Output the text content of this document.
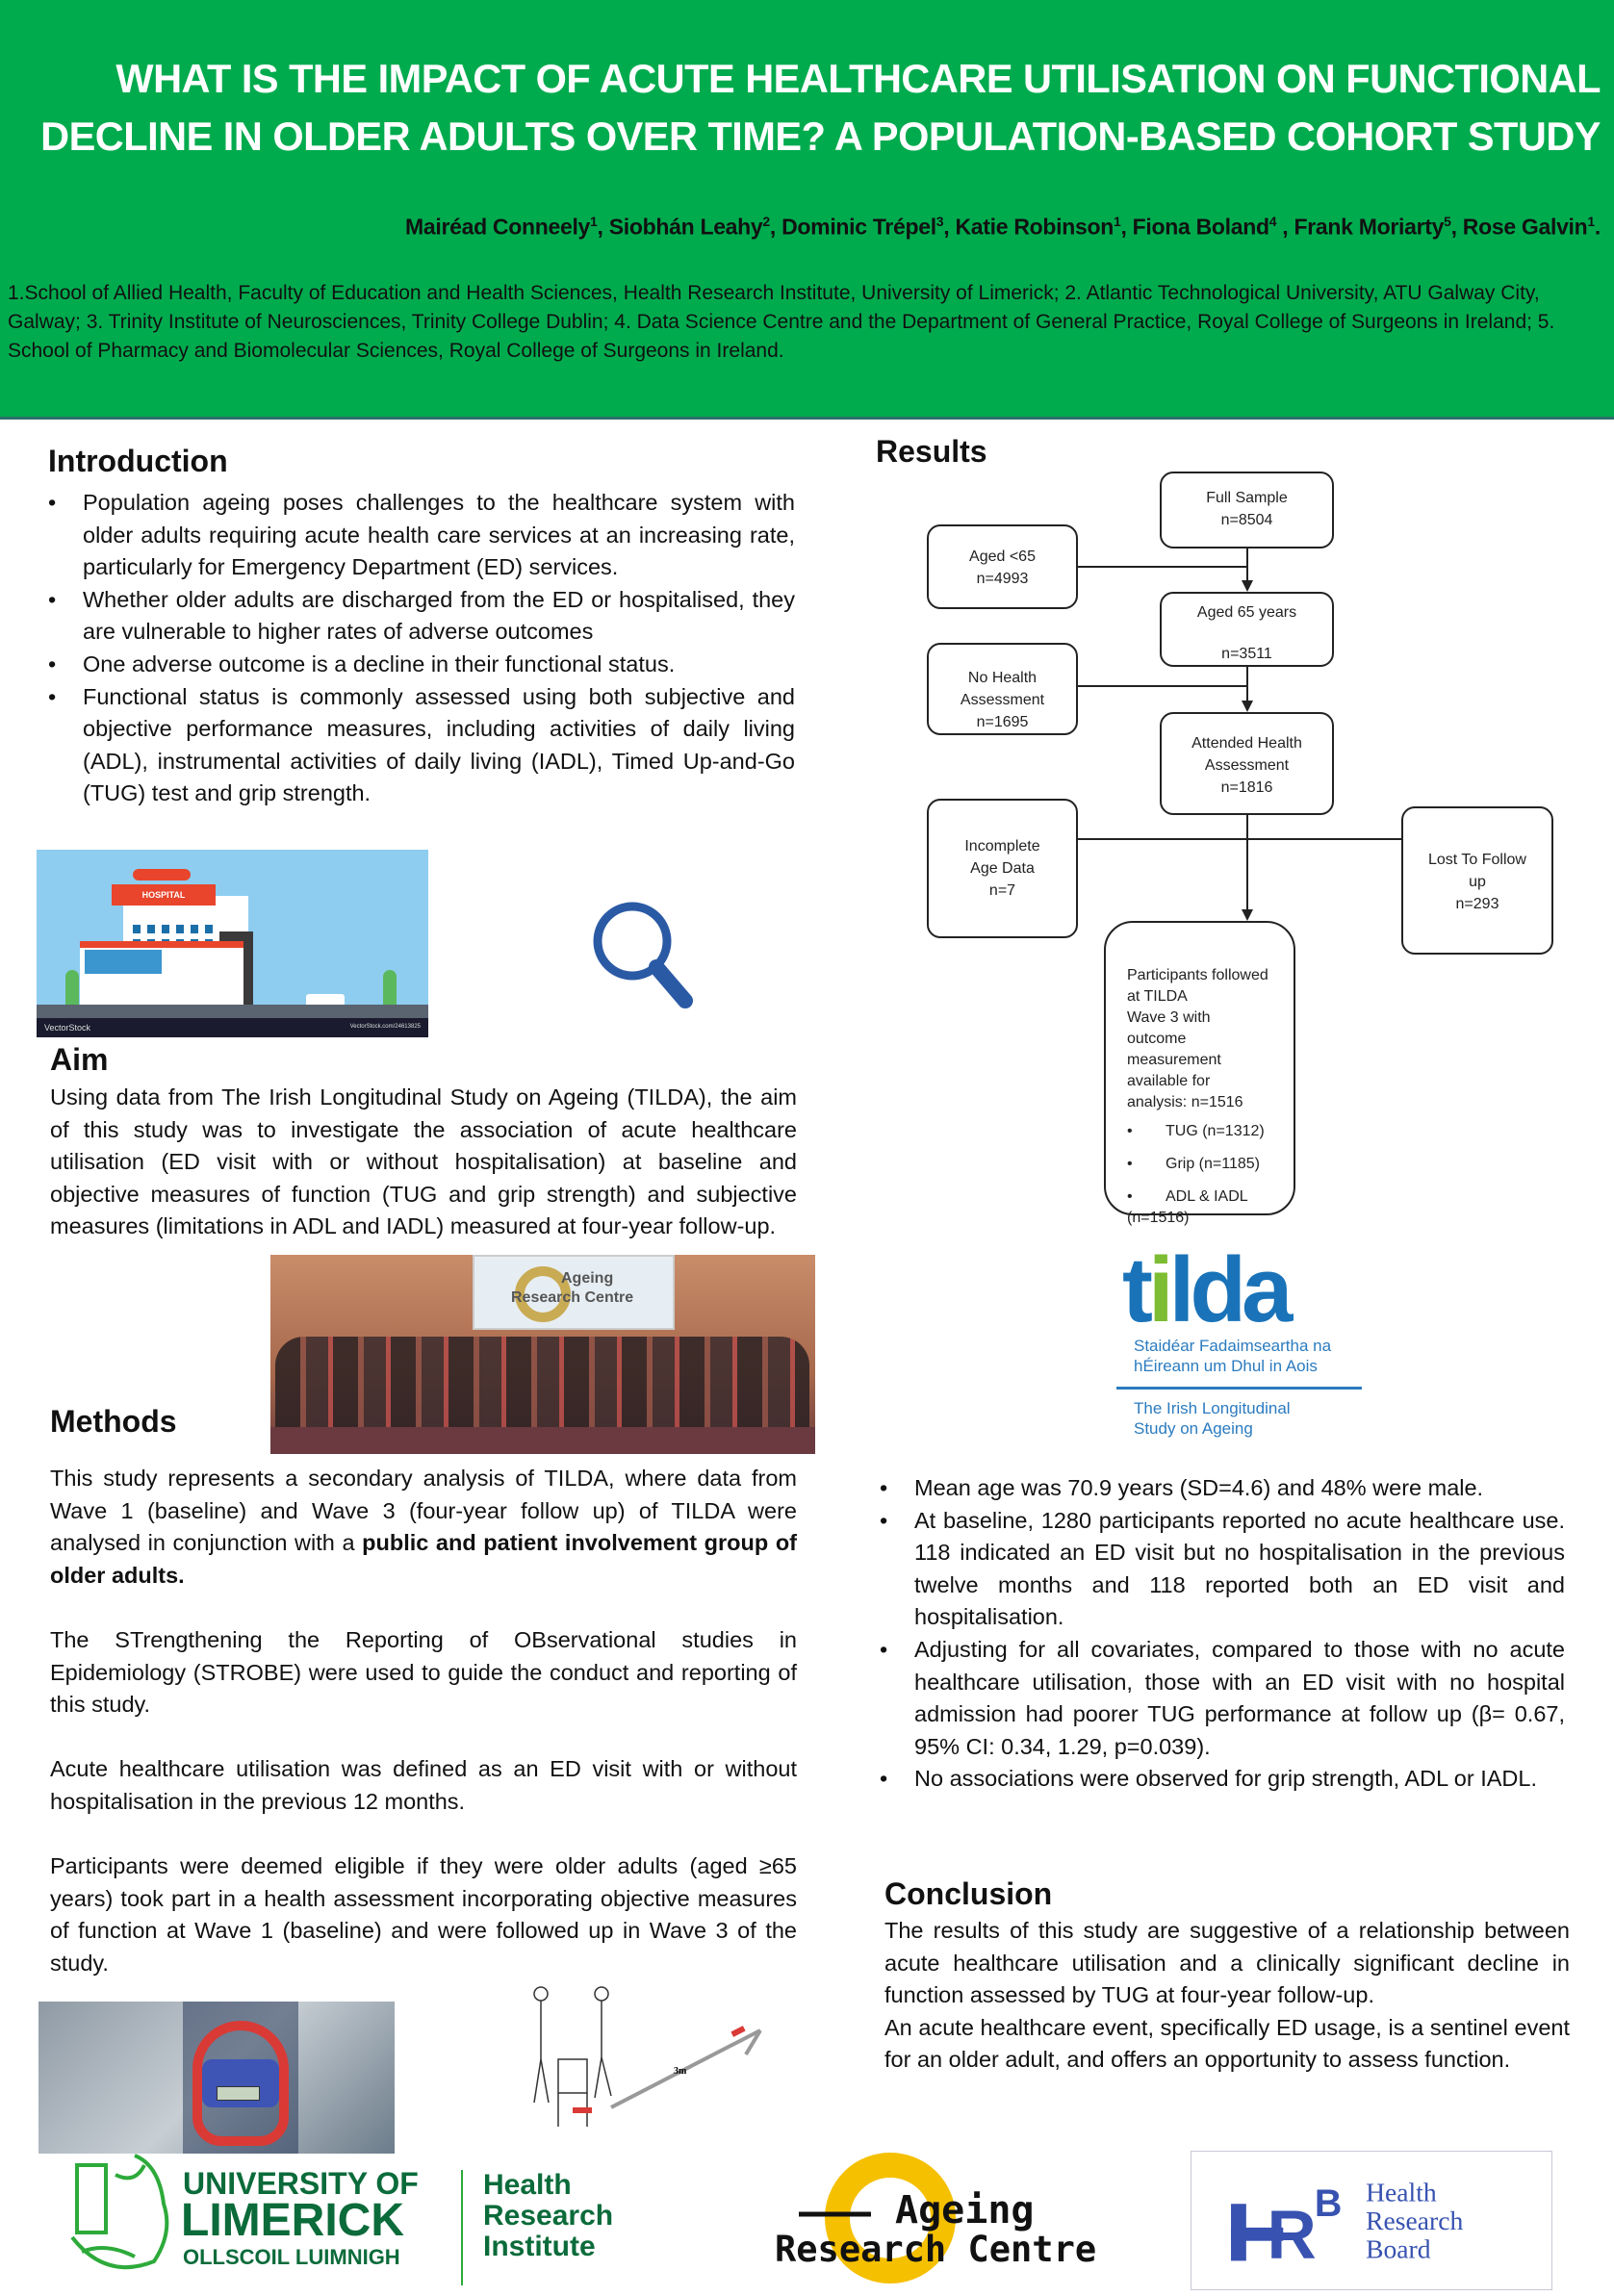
WHAT IS THE IMPACT OF ACUTE HEALTHCARE UTILISATION ON FUNCTIONAL
DECLINE IN OLDER ADULTS OVER TIME? A POPULATION-BASED COHORT STUDY
Mairéad Conneely$^1$, Siobhán Leahy$^2$, Dominic Trépel$^3$, Katie Robinson$^1$, Fiona Boland$^4$ , Frank Moriarty$^5$, Rose Galvin$^1$.
1.School of Allied Health, Faculty of Education and Health Sciences, Health Research Institute, University of Limerick; 2. Atlantic Technological University, ATU Galway City, Galway; 3. Trinity Institute of Neurosciences, Trinity College Dublin; 4. Data Science Centre and the Department of General Practice, Royal College of Surgeons in Ireland; 5. School of Pharmacy and Biomolecular Sciences, Royal College of Surgeons in Ireland.
Introduction
• Population ageing poses challenges to the healthcare system with older adults requiring acute health care services at an increasing rate, particularly for Emergency Department (ED) services.
• Whether older adults are discharged from the ED or hospitalised, they are vulnerable to higher rates of adverse outcomes
• One adverse outcome is a decline in their functional status.
• Functional status is commonly assessed using both subjective and objective performance measures, including activities of daily living (ADL), instrumental activities of daily living (IADL), Timed Up-and-Go (TUG) test and grip strength.
HOSPITAL
VectorStock	VectorStock.com/24613825
Aim
Using data from The Irish Longitudinal Study on Ageing (TILDA), the aim of this study was to investigate the association of acute healthcare utilisation (ED visit with or without hospitalisation) at baseline and objective measures of function (TUG and grip strength) and subjective measures (limitations in ADL and IADL) measured at four-year follow-up.
Ageing
Research Centre
Methods

This study represents a secondary analysis of TILDA, where data from Wave 1 (baseline) and Wave 3 (four-year follow up) of TILDA were analysed in conjunction with a public and patient involvement group of older adults.

The STrengthening the Reporting of OBservational studies in Epidemiology (STROBE) were used to guide the conduct and reporting of this study.

Acute healthcare utilisation was defined as an ED visit with or without hospitalisation in the previous 12 months.

Participants were deemed eligible if they were older adults (aged ≥65 years) took part in a health assessment incorporating objective measures of function at Wave 1 (baseline) and were followed up in Wave 3 of the study.

3m
Results
Full Sample
n=8504
Aged <65
n=4993
Aged 65 years
n=3511
No Health
Assessment
n=1695
Attended Health
Assessment
n=1816
Incomplete
Age Data
n=7
Lost To Follow
up
n=293
Participants followed at TILDA
Wave 3 with outcome
measurement available for
analysis: n=1516
• TUG (n=1312)
• Grip (n=1185)
• ADL & IADL (n=1516)
tilda
Staidéar Fadaimseartha na
hÉireann um Dhul in Aois
The Irish Longitudinal
Study on Ageing
• Mean age was 70.9 years (SD=4.6) and 48% were male.
• At baseline, 1280 participants reported no acute healthcare use. 118 indicated an ED visit but no hospitalisation in the previous twelve months and 118 reported both an ED visit and hospitalisation.
• Adjusting for all covariates, compared to those with no acute healthcare utilisation, those with an ED visit with no hospital admission had poorer TUG performance at follow up (β= 0.67, 95% CI: 0.34, 1.29, p=0.039).
• No associations were observed for grip strength, ADL or IADL.
Conclusion

The results of this study are suggestive of a relationship between acute healthcare utilisation and a clinically significant decline in function assessed by TUG at four-year follow-up.

An acute healthcare event, specifically ED usage, is a sentinel event for an older adult, and offers an opportunity to assess function.

UNIVERSITY OF
LIMERICK
OLLSCOIL LUIMNIGH
Health
Research
Institute
Ageing
Research Centre R
B Health
Research
Board
